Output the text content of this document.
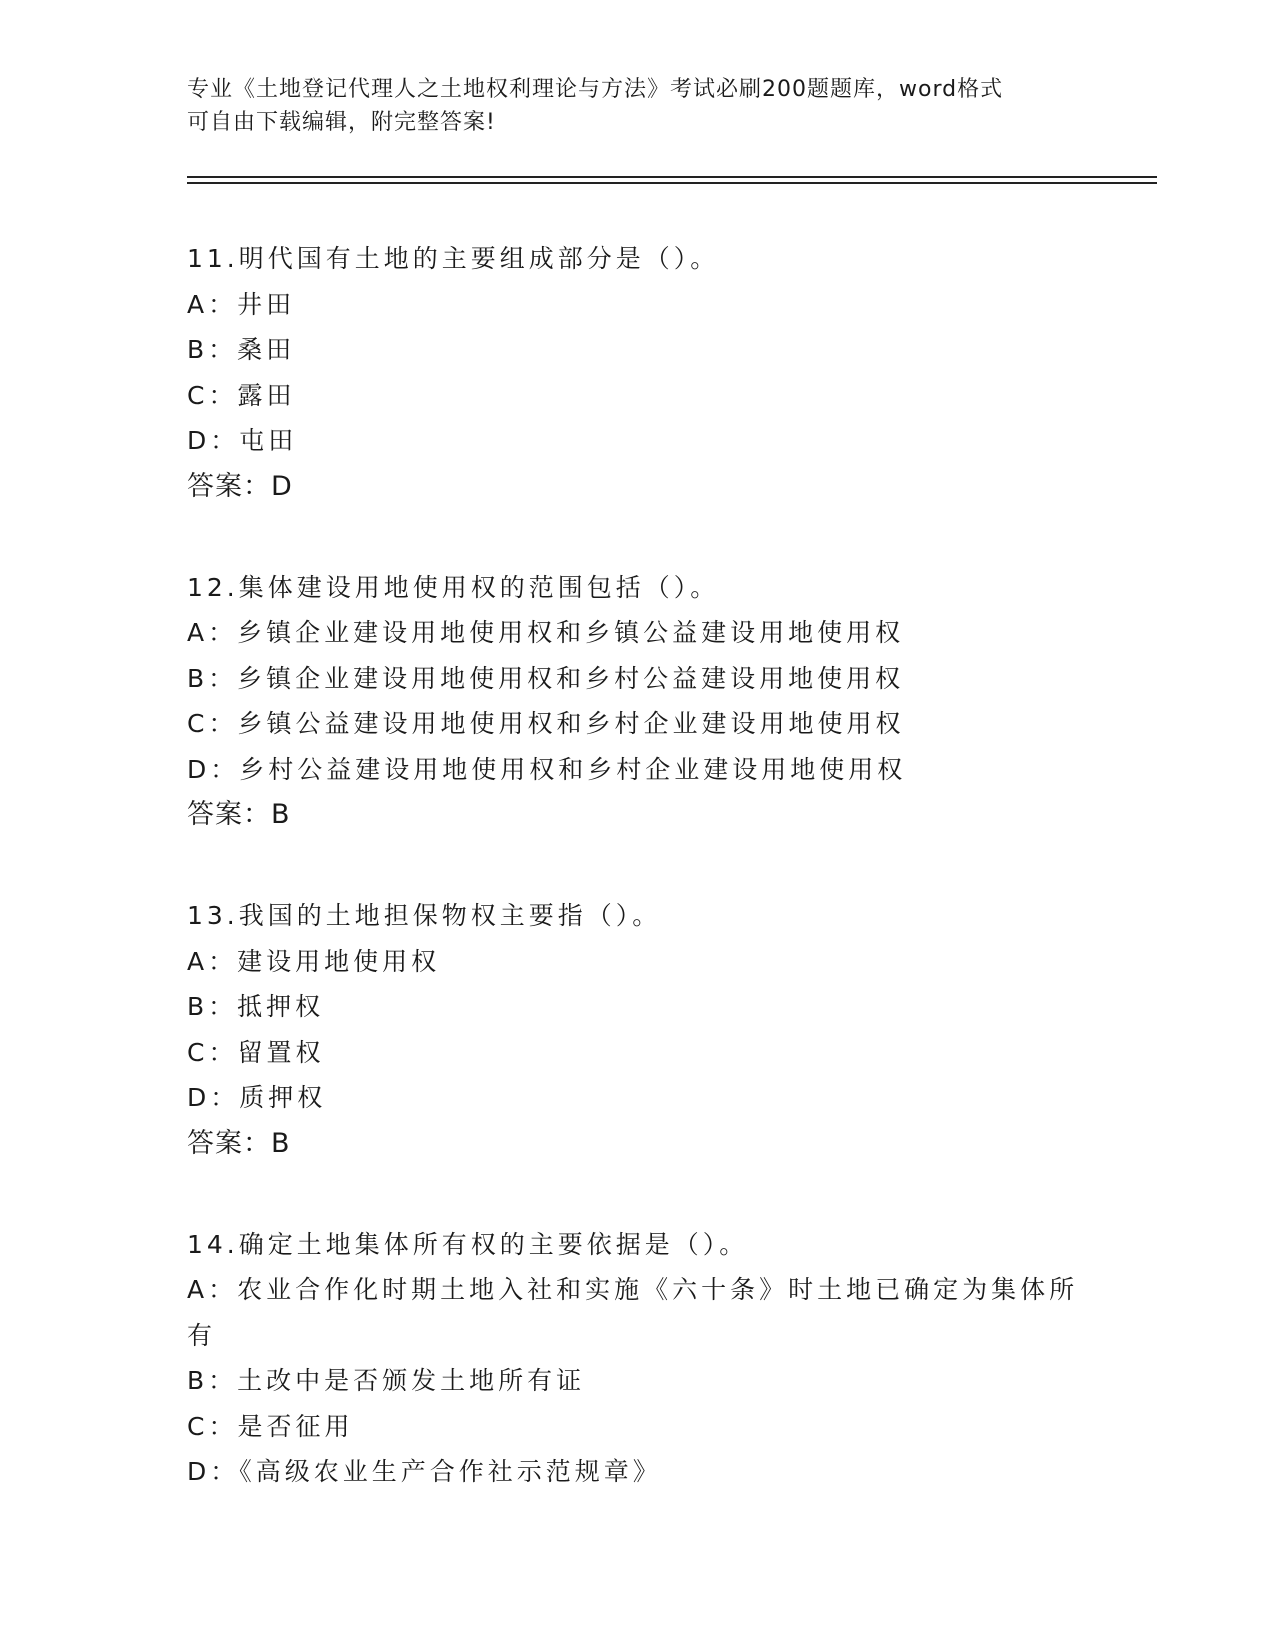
专业《土地登记代理人之土地权利理论与方法》考试必刷200题题库，word格式
可自由下载编辑，附完整答案!
11.明代国有土地的主要组成部分是（）。
A：井田
B：桑田
C：露田
D：屯田
答案：D
12.集体建设用地使用权的范围包括（）。
A：乡镇企业建设用地使用权和乡镇公益建设用地使用权
B：乡镇企业建设用地使用权和乡村公益建设用地使用权
C：乡镇公益建设用地使用权和乡村企业建设用地使用权
D：乡村公益建设用地使用权和乡村企业建设用地使用权
答案：B
13.我国的土地担保物权主要指（）。
A：建设用地使用权
B：抵押权
C：留置权
D：质押权
答案：B
14.确定土地集体所有权的主要依据是（）。
A：农业合作化时期土地入社和实施《六十条》时土地已确定为集体所有
B：土改中是否颁发土地所有证
C：是否征用
D：《高级农业生产合作社示范规章》
